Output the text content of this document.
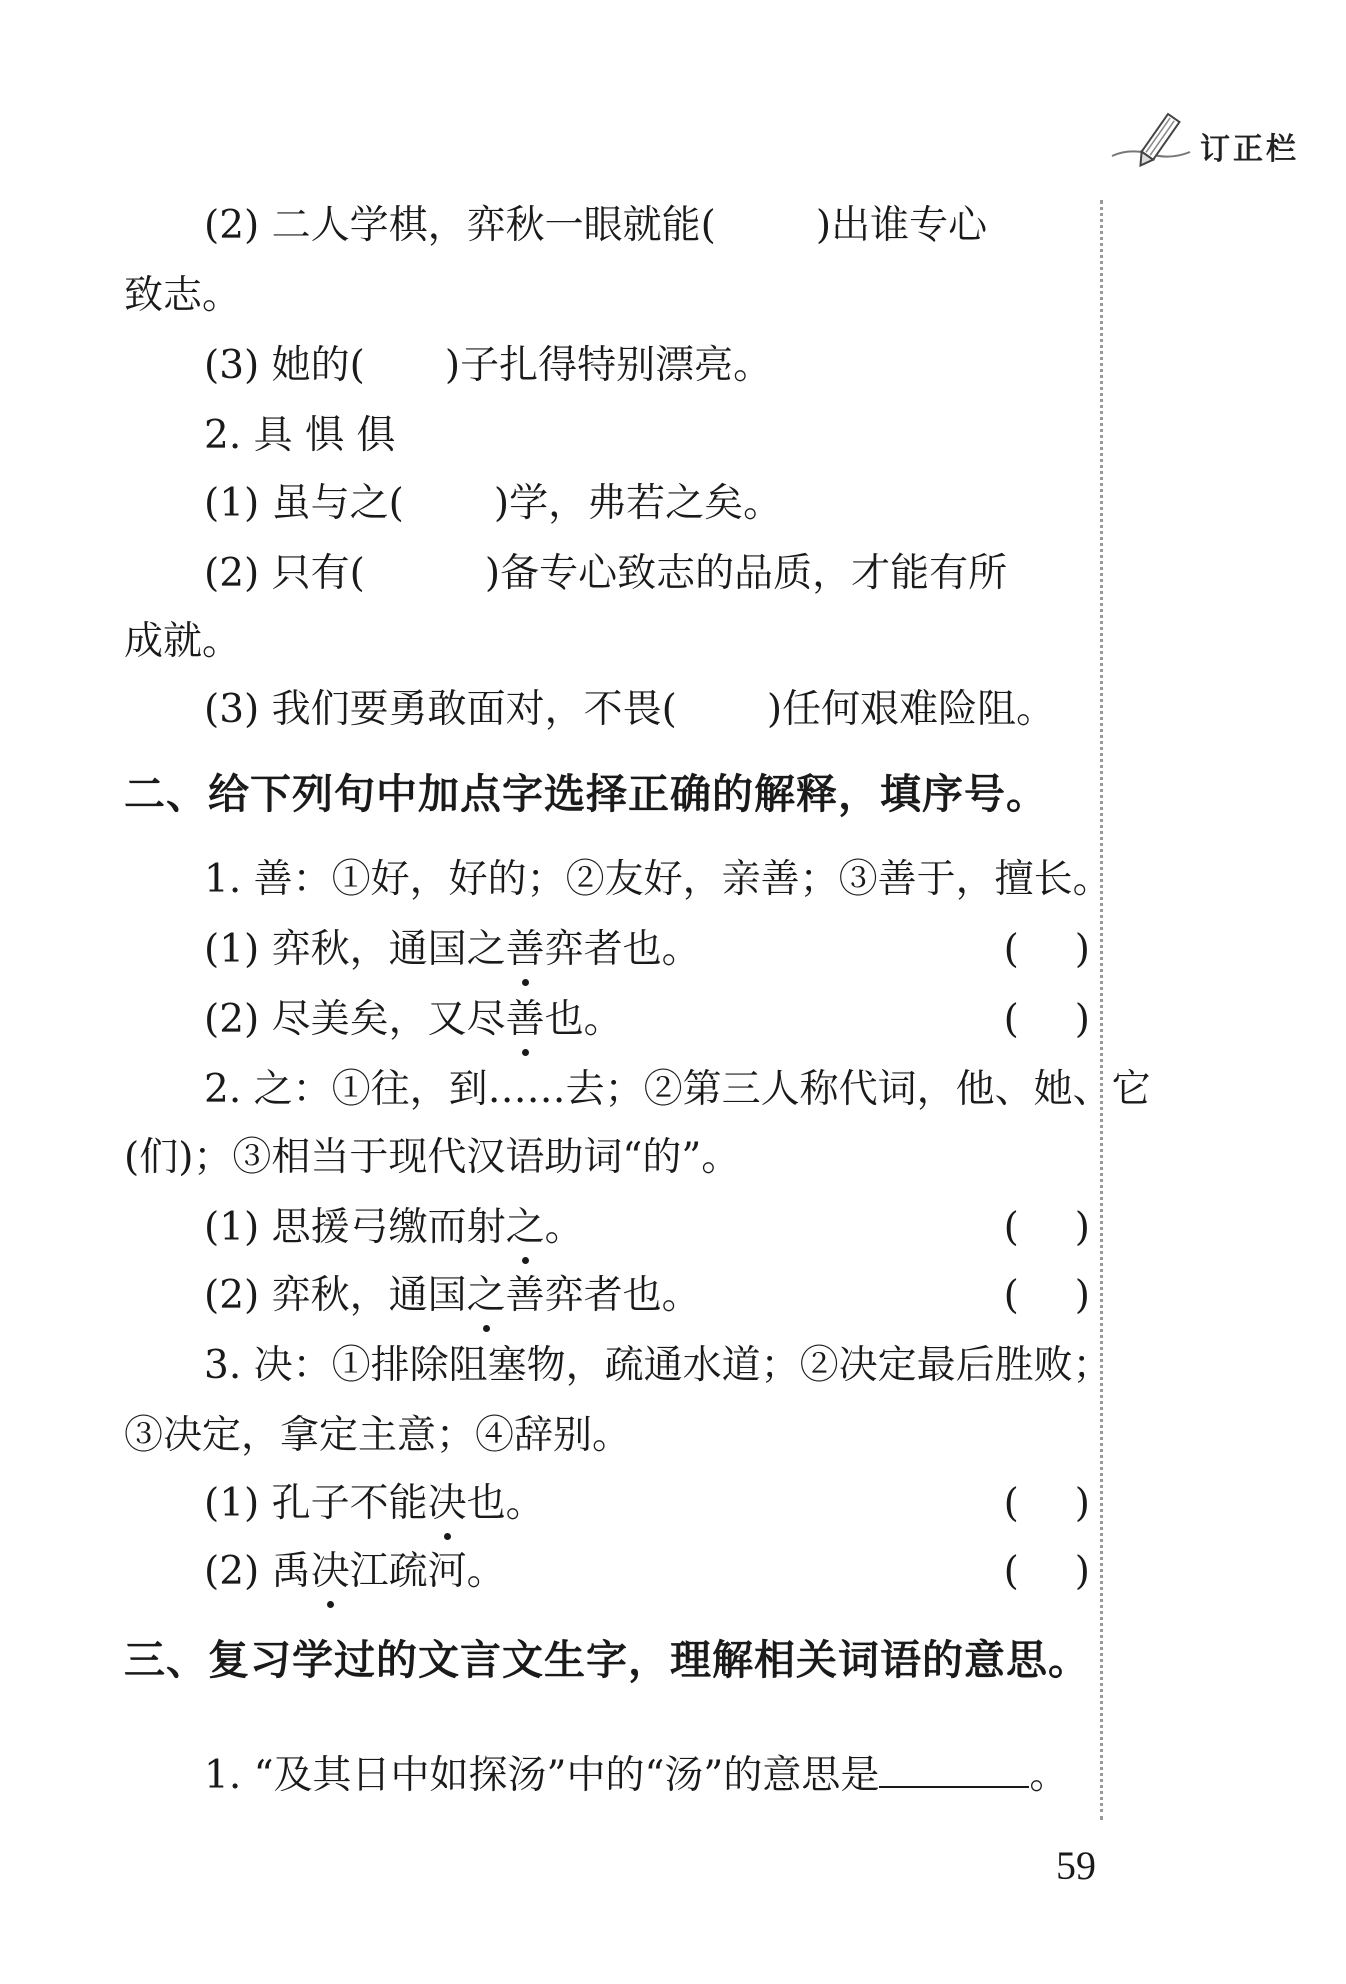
订正栏
(2) 二人学棋，弈秋一眼就能(	)出谁专心
致志。
(3) 她的( )子扎得特别漂亮。
2. 具 惧 俱
(1) 虽与之( )学，弗若之矣。
(2) 只有(	)备专心致志的品质，才能有所
成就。
(3) 我们要勇敢面对，不畏( )任何艰难险阻。
二、给下列句中加点字选择正确的解释，填序号。
1. 善：①好，好的；②友好，亲善；③善于，擅长。
(1) 弈秋，通国之善弈者也。	( )
(2) 尽美矣，又尽善也。	( )
2. 之：①往，到……去；②第三人称代词，他、她、它
(们)；③相当于现代汉语助词“的”。
(1) 思援弓缴而射之。	( )
(2) 弈秋，通国之善弈者也。	( )
3. 决：①排除阻塞物，疏通水道；②决定最后胜败；
③决定，拿定主意；④辞别。
(1) 孔子不能决也。	( )
(2) 禹决江疏河。	( )
三、复习学过的文言文生字，理解相关词语的意思。
1. “及其日中如探汤”中的“汤”的意思是	。
59
